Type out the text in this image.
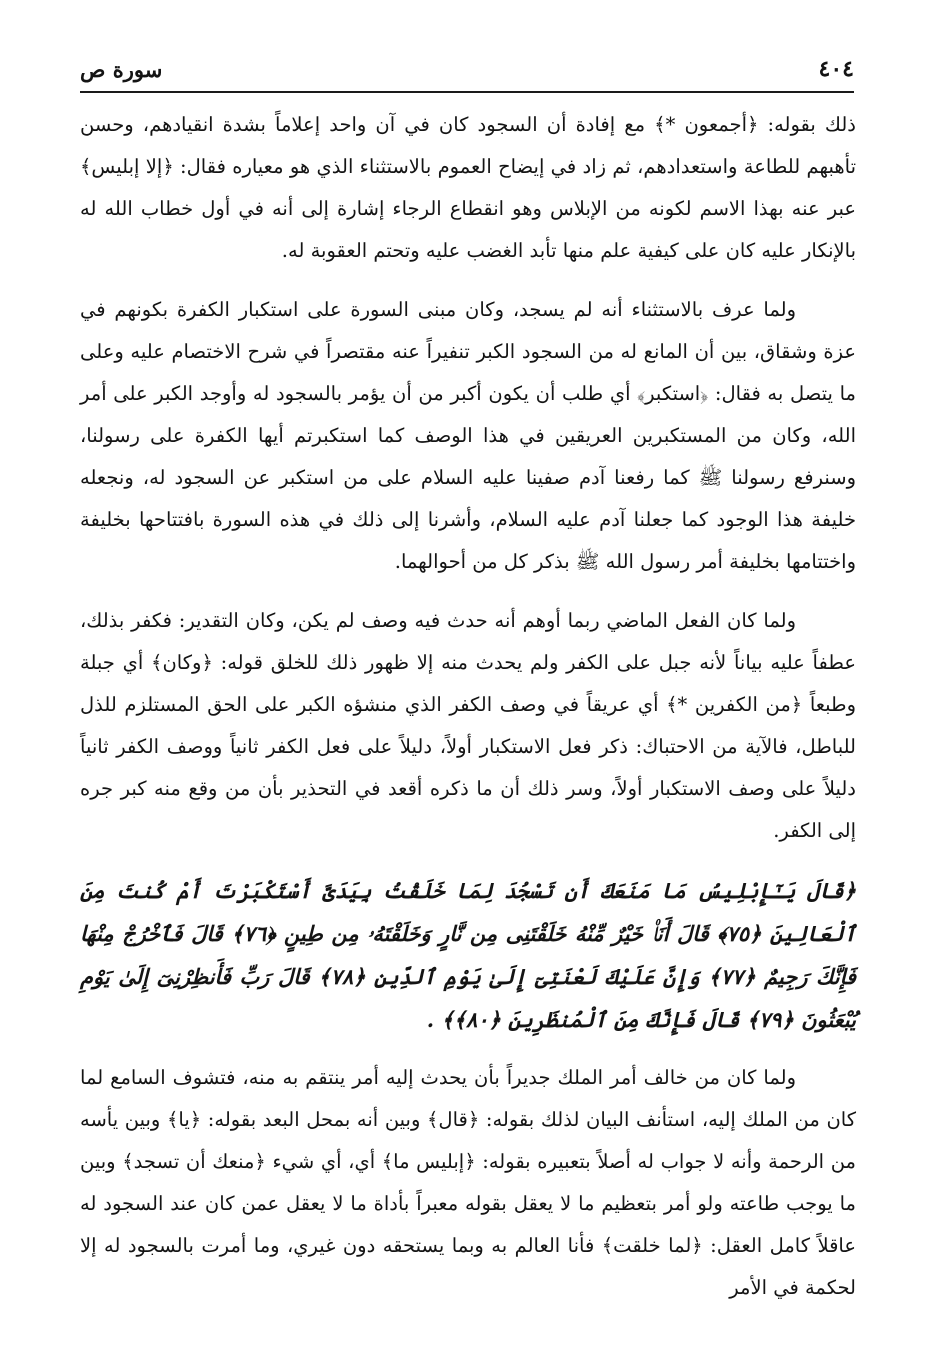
٤٠٤
سورة ص

ذلك بقوله: ﴿أجمعون *﴾ مع إفادة أن السجود كان في آن واحد إعلاماً بشدة انقيادهم، وحسن تأهبهم للطاعة واستعدادهم، ثم زاد في إيضاح العموم بالاستثناء الذي هو معياره فقال: ﴿إلا إبليس﴾ عبر عنه بهذا الاسم لكونه من الإبلاس وهو انقطاع الرجاء إشارة إلى أنه في أول خطاب الله له بالإنكار عليه كان على كيفية علم منها تأبد الغضب عليه وتحتم العقوبة له.

ولما عرف بالاستثناء أنه لم يسجد، وكان مبنى السورة على استكبار الكفرة بكونهم في عزة وشقاق، بين أن المانع له من السجود الكبر تنفيراً عنه مقتصراً في شرح الاختصام عليه وعلى ما يتصل به فقال: ﴿استكبر﴾ أي طلب أن يكون أكبر من أن يؤمر بالسجود له وأوجد الكبر على أمر الله، وكان من المستكبرين العريقين في هذا الوصف كما استكبرتم أيها الكفرة على رسولنا، وسنرفع رسولنا ﷺ كما رفعنا آدم صفينا عليه السلام على من استكبر عن السجود له، ونجعله خليفة هذا الوجود كما جعلنا آدم عليه السلام، وأشرنا إلى ذلك في هذه السورة بافتتاحها بخليفة واختتامها بخليفة أمر رسول الله ﷺ بذكر كل من أحوالهما.

ولما كان الفعل الماضي ربما أوهم أنه حدث فيه وصف لم يكن، وكان التقدير: فكفر بذلك، عطفاً عليه بياناً لأنه جبل على الكفر ولم يحدث منه إلا ظهور ذلك للخلق قوله: ﴿وكان﴾ أي جبلة وطبعاً ﴿من الكفرين *﴾ أي عريقاً في وصف الكفر الذي منشؤه الكبر على الحق المستلزم للذل للباطل، فالآية من الاحتباك: ذكر فعل الاستكبار أولاً، دليلاً على فعل الكفر ثانياً ووصف الكفر ثانياً دليلاً على وصف الاستكبار أولاً، وسر ذلك أن ما ذكره أقعد في التحذير بأن من وقع منه كبر جره إلى الكفر.

﴿قَالَ يَـٰٓإِبْلِيسُ مَا مَنَعَكَ أَن تَسْجُدَ لِمَا خَلَقْتُ بِيَدَىَّ أَسْتَكْبَرْتَ أَمْ كُنتَ مِنَ ٱلْعَالِينَ ﴿٧٥﴾ قَالَ أَنَا۠ خَيْرٌ مِّنْهُ خَلَقْتَنِى مِن نَّارٍ وَخَلَقْتَهُۥ مِن طِينٍ ﴿٧٦﴾ قَالَ فَٱخْرُجْ مِنْهَا فَإِنَّكَ رَجِيمٌ ﴿٧٧﴾ وَإِنَّ عَلَيْكَ لَعْنَتِىٓ إِلَىٰ يَوْمِ ٱلدِّينِ ﴿٧٨﴾ قَالَ رَبِّ فَأَنظِرْنِىٓ إِلَىٰ يَوْمِ يُبْعَثُونَ ﴿٧٩﴾ قَالَ فَإِنَّكَ مِنَ ٱلْمُنظَرِينَ ﴿٨٠﴾﴾ .

ولما كان من خالف أمر الملك جديراً بأن يحدث إليه أمر ينتقم به منه، فتشوف السامع لما كان من الملك إليه، استأنف البيان لذلك بقوله: ﴿قال﴾ وبين أنه بمحل البعد بقوله: ﴿يا﴾ وبين يأسه من الرحمة وأنه لا جواب له أصلاً بتعبيره بقوله: ﴿إبليس ما﴾ أي، أي شيء ﴿منعك أن تسجد﴾ وبين ما يوجب طاعته ولو أمر بتعظيم ما لا يعقل بقوله معبراً بأداة ما لا يعقل عمن كان عند السجود له عاقلاً كامل العقل: ﴿لما خلقت﴾ فأنا العالم به وبما يستحقه دون غيري، وما أمرت بالسجود له إلا لحكمة في الأمر
